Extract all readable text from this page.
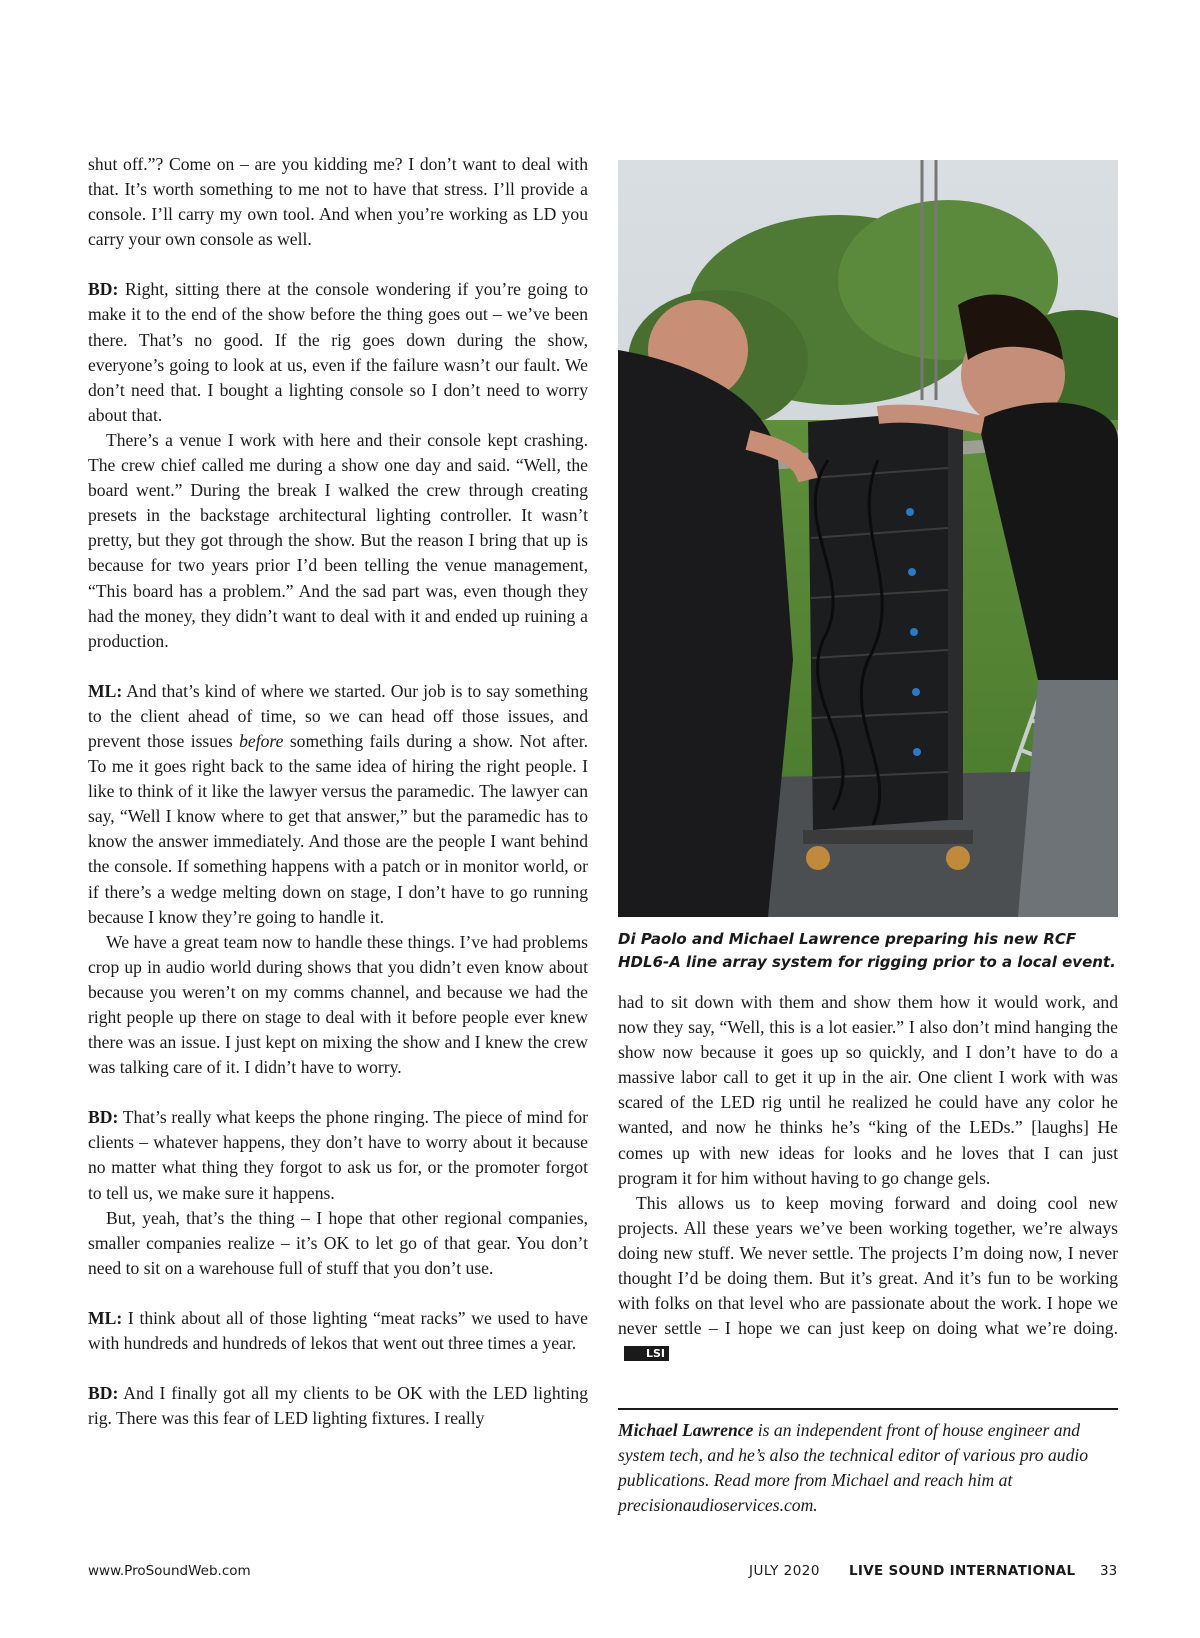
shut off.”? Come on – are you kidding me? I don’t want to deal with that. It’s worth something to me not to have that stress. I’ll provide a console. I’ll carry my own tool. And when you’re working as LD you carry your own console as well.

BD: Right, sitting there at the console wondering if you’re going to make it to the end of the show before the thing goes out – we’ve been there. That’s no good. If the rig goes down during the show, everyone’s going to look at us, even if the failure wasn’t our fault. We don’t need that. I bought a lighting console so I don’t need to worry about that.

There’s a venue I work with here and their console kept crashing. The crew chief called me during a show one day and said. “Well, the board went.” During the break I walked the crew through creating presets in the backstage architectural lighting controller. It wasn’t pretty, but they got through the show. But the reason I bring that up is because for two years prior I’d been telling the venue management, “This board has a problem.” And the sad part was, even though they had the money, they didn’t want to deal with it and ended up ruining a production.

ML: And that’s kind of where we started. Our job is to say something to the client ahead of time, so we can head off those issues, and prevent those issues before something fails during a show. Not after. To me it goes right back to the same idea of hiring the right people. I like to think of it like the lawyer versus the paramedic. The lawyer can say, “Well I know where to get that answer,” but the paramedic has to know the answer immediately. And those are the people I want behind the console. If something happens with a patch or in monitor world, or if there’s a wedge melting down on stage, I don’t have to go running because I know they’re going to handle it.

We have a great team now to handle these things. I’ve had problems crop up in audio world during shows that you didn’t even know about because you weren’t on my comms channel, and because we had the right people up there on stage to deal with it before people ever knew there was an issue. I just kept on mixing the show and I knew the crew was talking care of it. I didn’t have to worry.

BD: That’s really what keeps the phone ringing. The piece of mind for clients – whatever happens, they don’t have to worry about it because no matter what thing they forgot to ask us for, or the promoter forgot to tell us, we make sure it happens.

But, yeah, that’s the thing – I hope that other regional companies, smaller companies realize – it’s OK to let go of that gear. You don’t need to sit on a warehouse full of stuff that you don’t use.

ML: I think about all of those lighting “meat racks” we used to have with hundreds and hundreds of lekos that went out three times a year.

BD: And I finally got all my clients to be OK with the LED lighting rig. There was this fear of LED lighting fixtures. I really

Di Paolo and Michael Lawrence preparing his new RCF HDL6-A line array system for rigging prior to a local event.

had to sit down with them and show them how it would work, and now they say, “Well, this is a lot easier.” I also don’t mind hanging the show now because it goes up so quickly, and I don’t have to do a massive labor call to get it up in the air. One client I work with was scared of the LED rig until he realized he could have any color he wanted, and now he thinks he’s “king of the LEDs.” [laughs] He comes up with new ideas for looks and he loves that I can just program it for him without having to go change gels.

This allows us to keep moving forward and doing cool new projects. All these years we’ve been working together, we’re always doing new stuff. We never settle. The projects I’m doing now, I never thought I’d be doing them. But it’s great. And it’s fun to be working with folks on that level who are passionate about the work. I hope we never settle – I hope we can just keep on doing what we’re doing.LSI

Michael Lawrence is an independent front of house engineer and system tech, and he’s also the technical editor of various pro audio publications. Read more from Michael and reach him at precisionaudioservices.com.

www.ProSoundWeb.com	JULY 2020 LIVE SOUND INTERNATIONAL 33
